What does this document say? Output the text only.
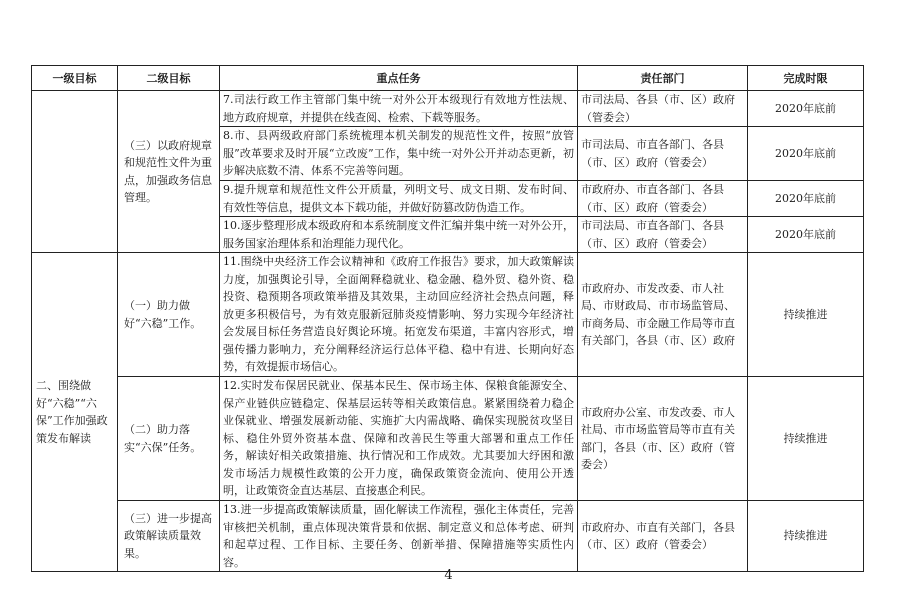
一级目标	二级目标	重点任务	责任部门	完成时限
	（三）以政府规章和规范性文件为重点，加强政务信息管理。	7.司法行政工作主管部门集中统一对外公开本级现行有效地方性法规、地方政府规章，并提供在线查阅、检索、下载等服务。	市司法局、各县（市、区）政府（管委会）	2020年底前
		8.市、县两级政府部门系统梳理本机关制发的规范性文件，按照“放管服”改革要求及时开展“立改废”工作，集中统一对外公开并动态更新，初步解决底数不清、体系不完善等问题。	市司法局、市直各部门、各县（市、区）政府（管委会）	2020年底前
		9.提升规章和规范性文件公开质量，列明文号、成文日期、发布时间、有效性等信息，提供文本下载功能，并做好防篡改防伪造工作。	市政府办、市直各部门、各县（市、区）政府（管委会）	2020年底前
		10.逐步整理形成本级政府和本系统制度文件汇编并集中统一对外公开，服务国家治理体系和治理能力现代化。	市司法局、市直各部门、各县（市、区）政府（管委会）	2020年底前
二、围绕做好“六稳”“六保”工作加强政策发布解读	（一）助力做好“六稳”工作。	11.围绕中央经济工作会议精神和《政府工作报告》要求，加大政策解读力度，加强舆论引导，全面阐释稳就业、稳金融、稳外贸、稳外资、稳投资、稳预期各项政策举措及其效果，主动回应经济社会热点问题，释放更多积极信号，为有效克服新冠肺炎疫情影响、努力实现今年经济社会发展目标任务营造良好舆论环境。拓宽发布渠道，丰富内容形式，增强传播力影响力，充分阐释经济运行总体平稳、稳中有进、长期向好态势，有效提振市场信心。	市政府办、市发改委、市人社局、市财政局、市市场监管局、市商务局、市金融工作局等市直有关部门，各县（市、区）政府	持续推进
	（二）助力落实“六保”任务。	12.实时发布保居民就业、保基本民生、保市场主体、保粮食能源安全、保产业链供应链稳定、保基层运转等相关政策信息。紧紧围绕着力稳企业保就业、增强发展新动能、实施扩大内需战略、确保实现脱贫攻坚目标、稳住外贸外资基本盘、保障和改善民生等重大部署和重点工作任务，解读好相关政策措施、执行情况和工作成效。尤其要加大纾困和激发市场活力规模性政策的公开力度，确保政策资金流向、使用公开透明，让政策资金直达基层、直接惠企利民。	市政府办公室、市发改委、市人社局、市市场监管局等市直有关部门，各县（市、区）政府（管委会）	持续推进
	（三）进一步提高政策解读质量效果。	13.进一步提高政策解读质量，固化解读工作流程，强化主体责任，完善审核把关机制，重点体现决策背景和依据、制定意义和总体考虑、研判和起草过程、工作目标、主要任务、创新举措、保障措施等实质性内容。	市政府办、市直有关部门，各县（市、区）政府（管委会）	持续推进
4
